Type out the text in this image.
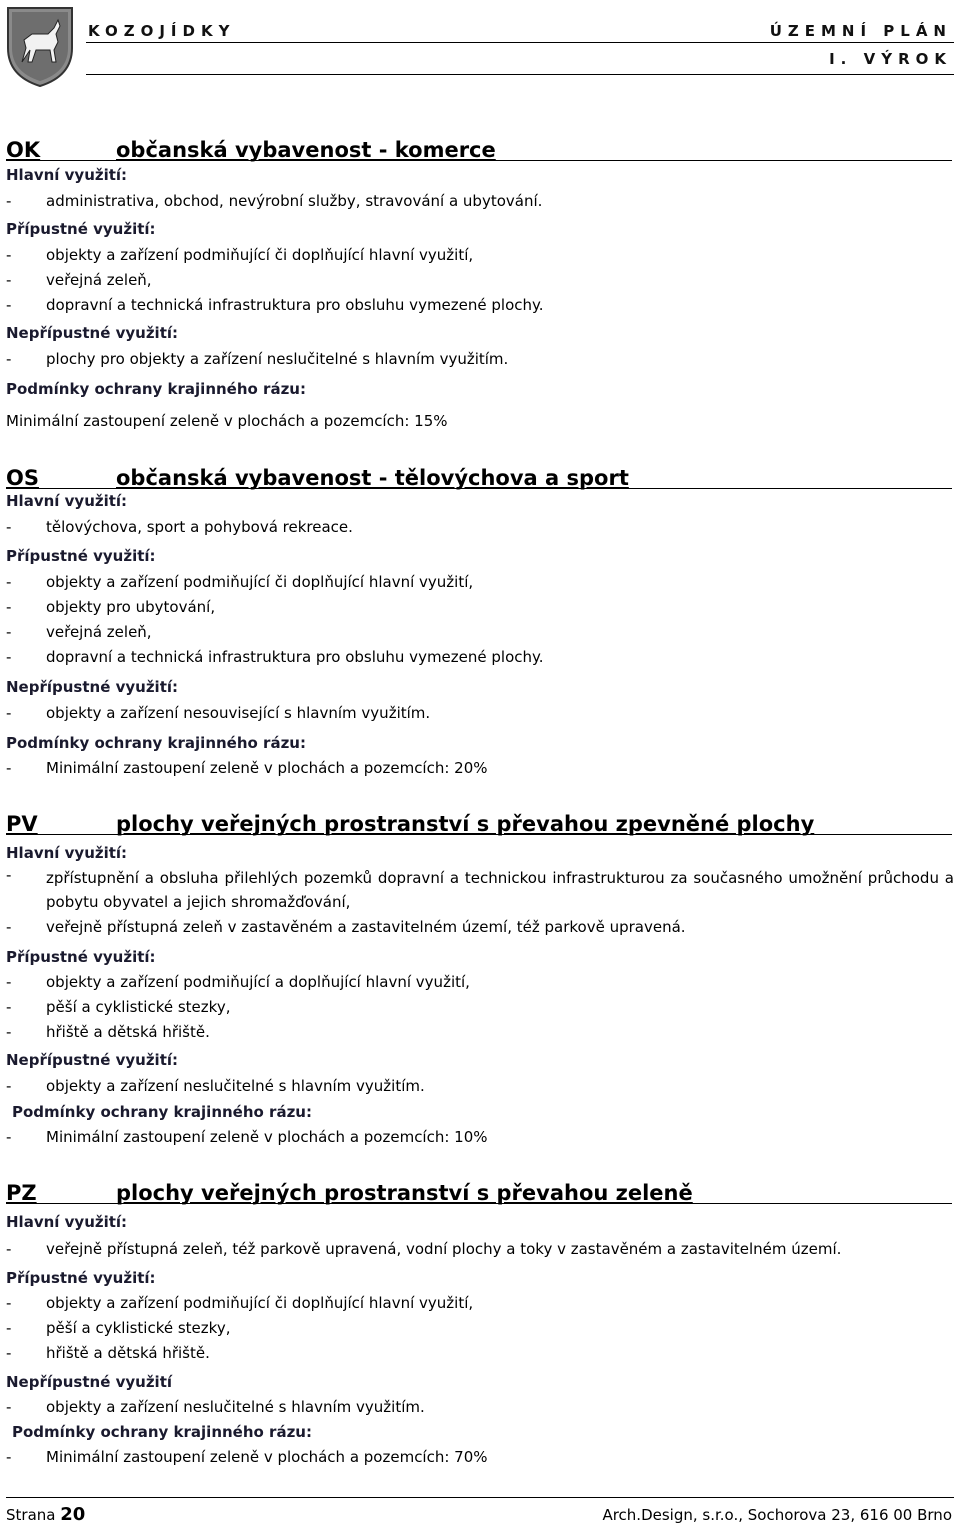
KOZOJÍDKY	ÚZEMNÍ PLÁN
I. VÝROK
OK	občanská vybavenost - komerce
Hlavní využití:
- administrativa, obchod, nevýrobní služby, stravování a ubytování.
Přípustné využití:
- objekty a zařízení podmiňující či doplňující hlavní využití,
- veřejná zeleň,
- dopravní a technická infrastruktura pro obsluhu vymezené plochy.
Nepřípustné využití:
- plochy pro objekty a zařízení neslučitelné s hlavním využitím.
Podmínky ochrany krajinného rázu:
Minimální zastoupení zeleně v plochách a pozemcích: 15%
OS	občanská vybavenost - tělovýchova a sport
Hlavní využití:
- tělovýchova, sport a pohybová rekreace.
Přípustné využití:
- objekty a zařízení podmiňující či doplňující hlavní využití,
- objekty pro ubytování,
- veřejná zeleň,
- dopravní a technická infrastruktura pro obsluhu vymezené plochy.
Nepřípustné využití:
- objekty a zařízení nesouvisející s hlavním využitím.
Podmínky ochrany krajinného rázu:
- Minimální zastoupení zeleně v plochách a pozemcích: 20%
PV	plochy veřejných prostranství s převahou zpevněné plochy
Hlavní využití:
- zpřístupnění a obsluha přilehlých pozemků dopravní a technickou infrastrukturou za současného umožnění průchodu a pobytu obyvatel a jejich shromažďování,
- veřejně přístupná zeleň v zastavěném a zastavitelném území, též parkově upravená.
Přípustné využití:
- objekty a zařízení podmiňující a doplňující hlavní využití,
- pěší a cyklistické stezky,
- hřiště a dětská hřiště.
Nepřípustné využití:
- objekty a zařízení neslučitelné s hlavním využitím.
Podmínky ochrany krajinného rázu:
- Minimální zastoupení zeleně v plochách a pozemcích: 10%
PZ	plochy veřejných prostranství s převahou zeleně
Hlavní využití:
- veřejně přístupná zeleň, též parkově upravená, vodní plochy a toky v zastavěném a zastavitelném území.
Přípustné využití:
- objekty a zařízení podmiňující či doplňující hlavní využití,
- pěší a cyklistické stezky,
- hřiště a dětská hřiště.
Nepřípustné využití
- objekty a zařízení neslučitelné s hlavním využitím.
Podmínky ochrany krajinného rázu:
- Minimální zastoupení zeleně v plochách a pozemcích: 70%
Strana 20	Arch.Design, s.r.o., Sochorova 23, 616 00 Brno
